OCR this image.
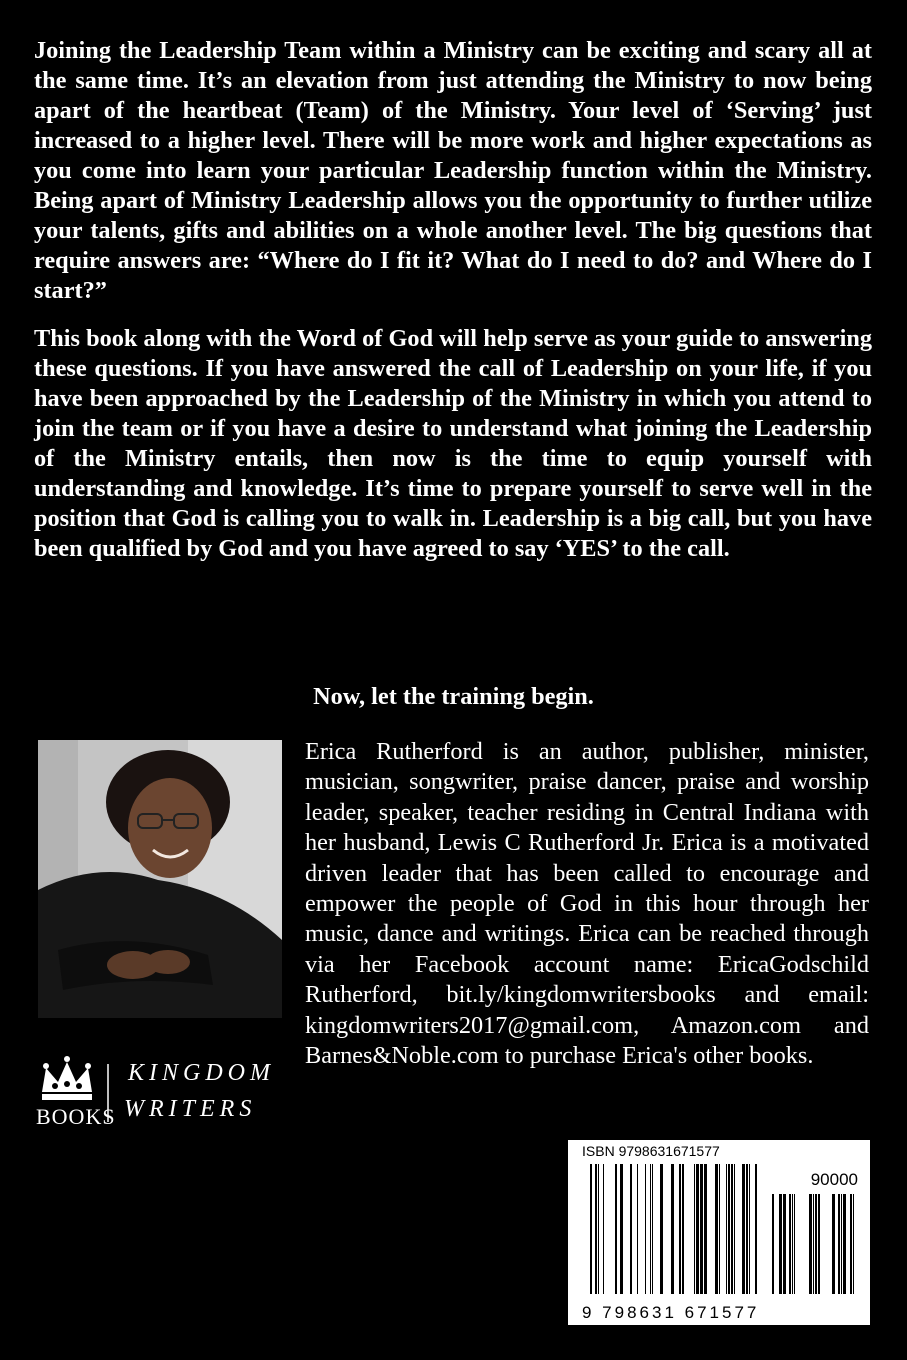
Joining the Leadership Team within a Ministry can be exciting and scary all at the same time. It’s an elevation from just attending the Ministry to now being apart of the heartbeat (Team) of the Ministry. Your level of ‘Serving’ just increased to a higher level. There will be more work and higher expectations as you come into learn your particular Leadership function within the Ministry. Being apart of Ministry Leadership allows you the opportunity to further utilize your talents, gifts and abilities on a whole another level. The big questions that require answers are: “Where do I fit it? What do I need to do? and Where do I start?”

This book along with the Word of God will help serve as your guide to answering these questions. If you have answered the call of Leadership on your life, if you have been approached by the Leadership of the Ministry in which you attend to join the team or if you have a desire to understand what joining the Leadership of the Ministry entails, then now is the time to equip yourself with understanding and knowledge. It’s time to prepare yourself to serve well in the position that God is calling you to walk in. Leadership is a big call, but you have been qualified by God and you have agreed to say ‘YES’ to the call.

Now, let the training begin.
Erica Rutherford is an author, publisher, minister, musician, songwriter, praise dancer, praise and worship leader, speaker, teacher residing in Central Indiana with her husband, Lewis C Rutherford Jr. Erica is a motivated driven leader that has been called to encourage and empower the people of God in this hour through her music, dance and writings. Erica can be reached through via her Facebook account name: EricaGodschild Rutherford, bit.ly/kingdomwritersbooks and email: kingdomwriters2017@gmail.com, Amazon.com and Barnes&Noble.com to purchase Erica's other books.
BOOKS
KINGDOM
WRITERS
ISBN 9798631671577
90000
9 798631 671577
